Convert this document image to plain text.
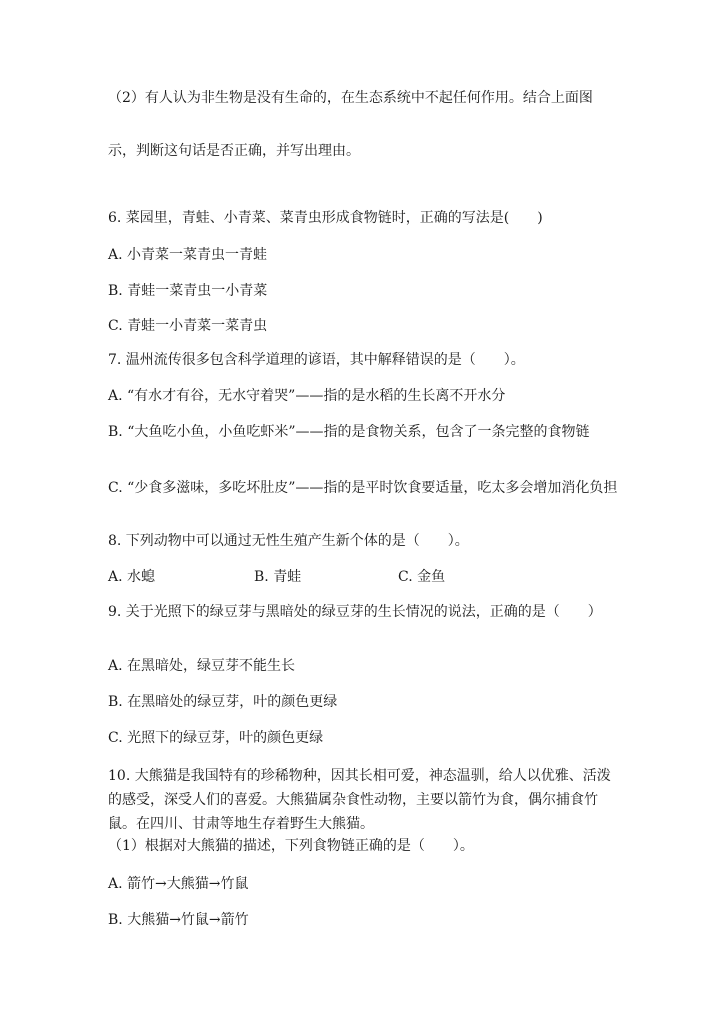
（2）有人认为非生物是没有生命的，在生态系统中不起任何作用。结合上面图
示，判断这句话是否正确，并写出理由。
6. 菜园里，青蛙、小青菜、菜青虫形成食物链时，正确的写法是(　　)
A. 小青菜一菜青虫一青蛙
B. 青蛙一菜青虫一小青菜
C. 青蛙一小青菜一菜青虫
7. 温州流传很多包含科学道理的谚语，其中解释错误的是（　　）。
A. “有水才有谷，无水守着哭”——指的是水稻的生长离不开水分
B. “大鱼吃小鱼，小鱼吃虾米”——指的是食物关系，包含了一条完整的食物链
C. “少食多滋味，多吃坏肚皮”——指的是平时饮食要适量，吃太多会增加消化负担
8. 下列动物中可以通过无性生殖产生新个体的是（　　）。
A. 水螅	B. 青蛙	C. 金鱼
9. 关于光照下的绿豆芽与黑暗处的绿豆芽的生长情况的说法，正确的是（　　）
A. 在黑暗处，绿豆芽不能生长
B. 在黑暗处的绿豆芽，叶的颜色更绿
C. 光照下的绿豆芽，叶的颜色更绿
10. 大熊猫是我国特有的珍稀物种，因其长相可爱，神态温驯，给人以优雅、活泼的感受，深受人们的喜爱。大熊猫属杂食性动物，主要以箭竹为食，偶尔捕食竹鼠。在四川、甘肃等地生存着野生大熊猫。
（1）根据对大熊猫的描述，下列食物链正确的是（　　）。
A. 箭竹→大熊猫→竹鼠
B. 大熊猫→竹鼠→箭竹
